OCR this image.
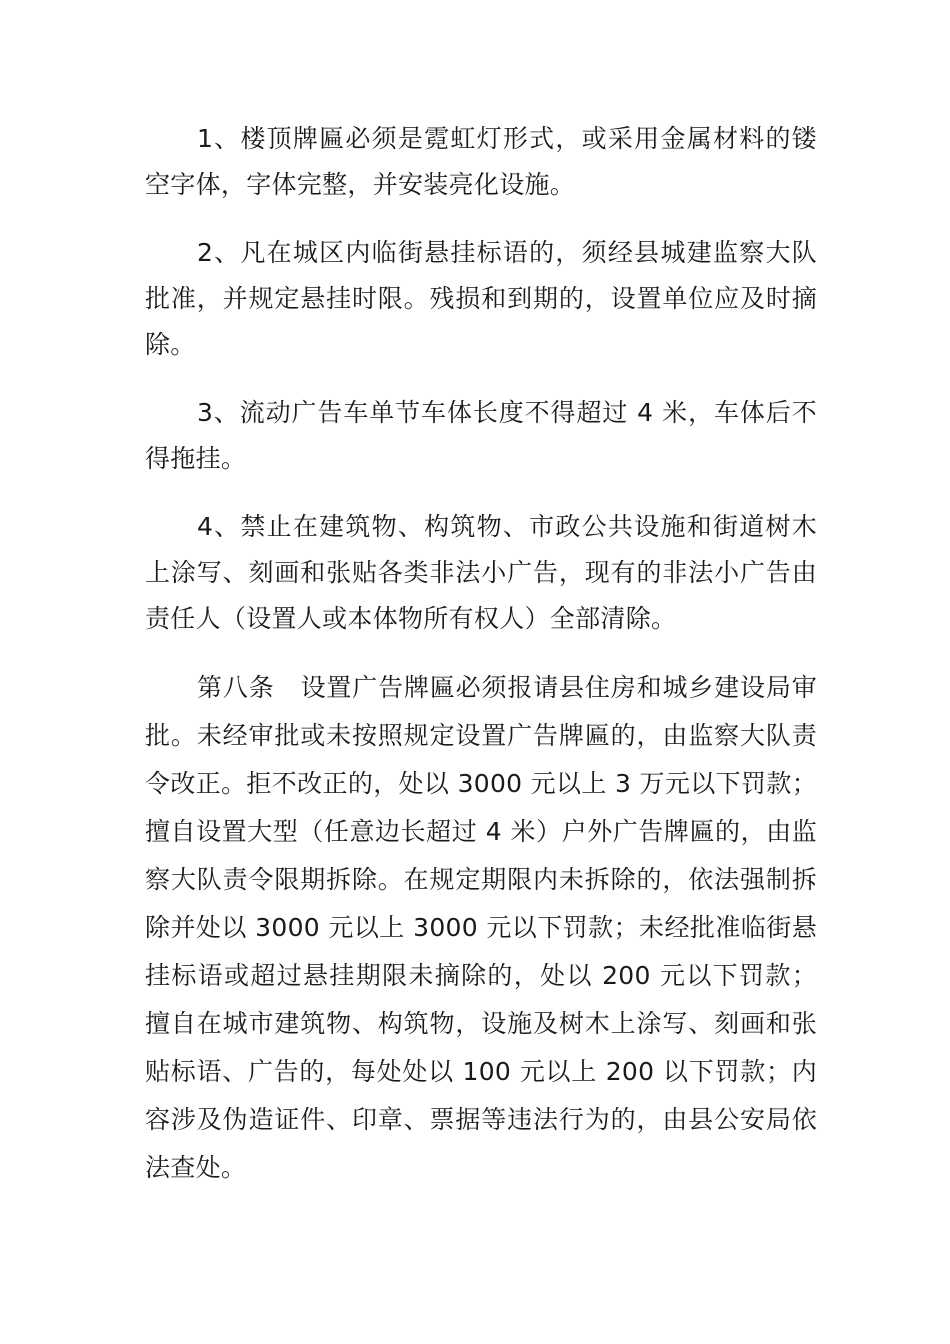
1、楼顶牌匾必须是霓虹灯形式，或采用金属材料的镂空字体，字体完整，并安装亮化设施。

2、凡在城区内临街悬挂标语的，须经县城建监察大队批准，并规定悬挂时限。残损和到期的，设置单位应及时摘除。

3、流动广告车单节车体长度不得超过 4 米，车体后不得拖挂。

4、禁止在建筑物、构筑物、市政公共设施和街道树木上涂写、刻画和张贴各类非法小广告，现有的非法小广告由责任人（设置人或本体物所有权人）全部清除。

第八条 设置广告牌匾必须报请县住房和城乡建设局审批。未经审批或未按照规定设置广告牌匾的，由监察大队责令改正。拒不改正的，处以 3000 元以上 3 万元以下罚款；擅自设置大型（任意边长超过 4 米）户外广告牌匾的，由监察大队责令限期拆除。在规定期限内未拆除的，依法强制拆除并处以 3000 元以上 3000 元以下罚款；未经批准临街悬挂标语或超过悬挂期限未摘除的，处以 200 元以下罚款；擅自在城市建筑物、构筑物，设施及树木上涂写、刻画和张贴标语、广告的，每处处以 100 元以上 200 以下罚款；内容涉及伪造证件、印章、票据等违法行为的，由县公安局依法查处。
